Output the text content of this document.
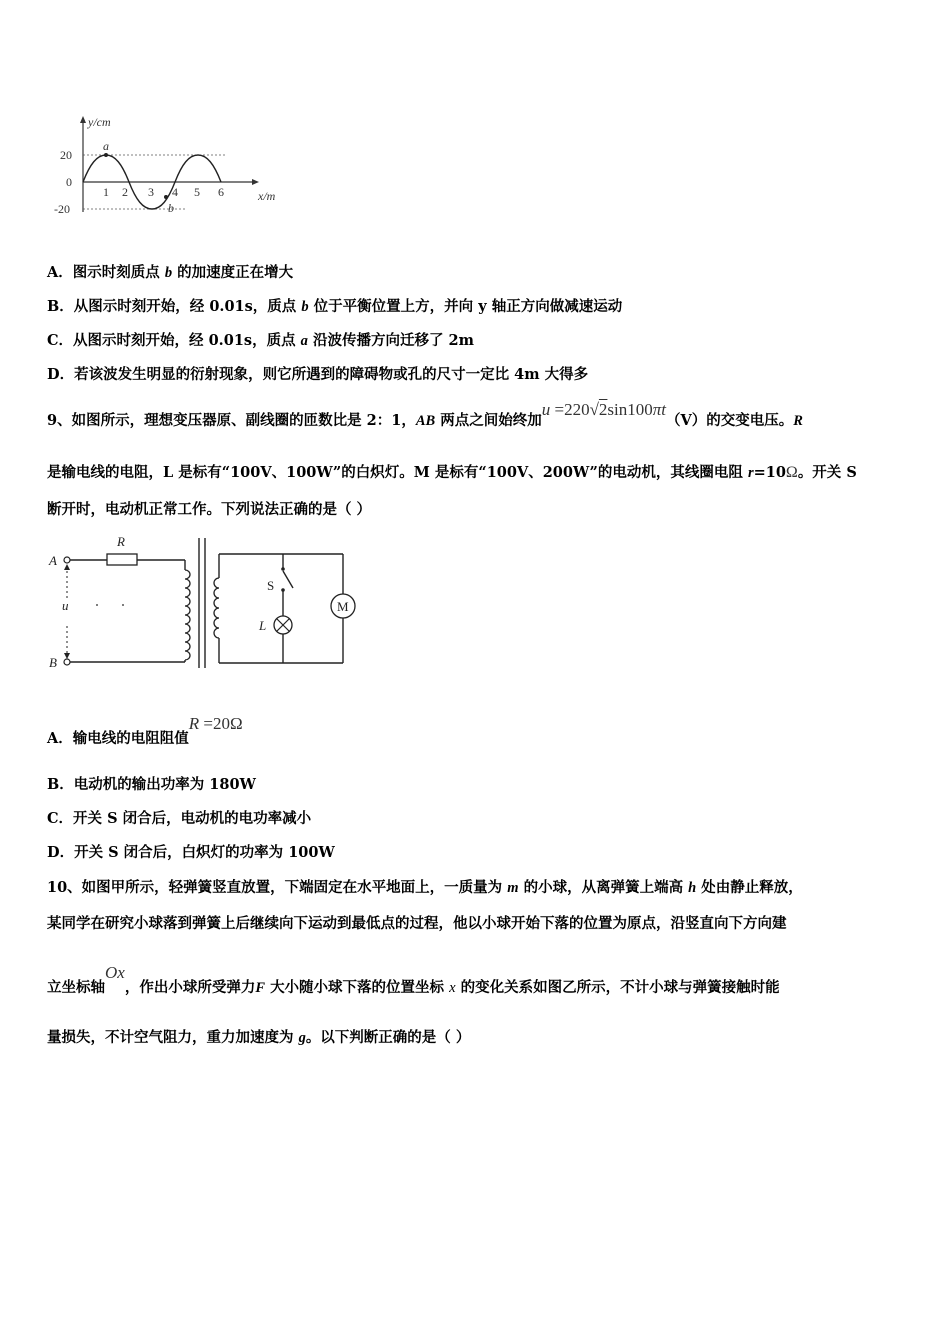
y/cm
x/m
20
0
-20
1 2 3 4 5 6
a
b
A．图示时刻质点 b 的加速度正在增大
B．从图示时刻开始，经 0.01s，质点 b 位于平衡位置上方，并向 y 轴正方向做减速运动
C．从图示时刻开始，经 0.01s，质点 a 沿波传播方向迁移了 2m
D．若该波发生明显的衍射现象，则它所遇到的障碍物或孔的尺寸一定比 4m 大得多
9、如图所示，理想变压器原、副线圈的匝数比是 2：1，AB 两点之间始终加u =220√2sin100πt（V）的交变电压。R
是输电线的电阻，L 是标有“100V、100W”的白炽灯。M 是标有“100V、200W”的电动机，其线圈电阻 r=10Ω。开关 S
断开时，电动机正常工作。下列说法正确的是（ ）
A
B
u
R
S
L
M
A．输电线的电阻阻值R =20Ω
B．电动机的输出功率为 180W
C．开关 S 闭合后，电动机的电功率减小
D．开关 S 闭合后，白炽灯的功率为 100W
10、如图甲所示，轻弹簧竖直放置，下端固定在水平地面上，一质量为 m 的小球，从离弹簧上端高 h 处由静止释放，
某同学在研究小球落到弹簧上后继续向下运动到最低点的过程，他以小球开始下落的位置为原点，沿竖直向下方向建
立坐标轴Ox，作出小球所受弹力F 大小随小球下落的位置坐标 x 的变化关系如图乙所示，不计小球与弹簧接触时能
量损失，不计空气阻力，重力加速度为 g。以下判断正确的是（ ）
